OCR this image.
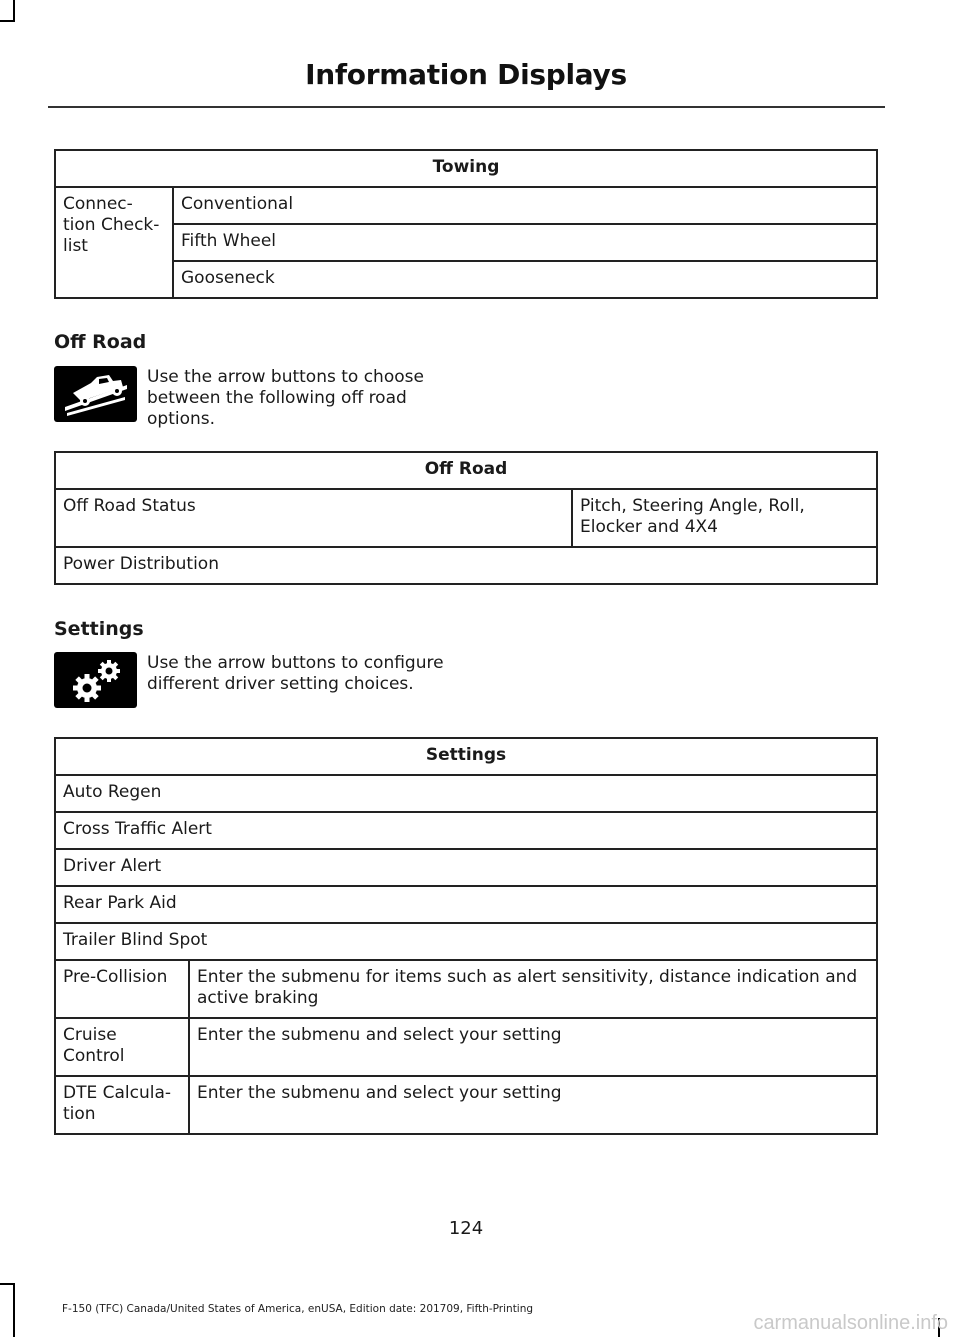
Information Displays
Towing
Connec-tion Check-list	Conventional
Fifth Wheel
Gooseneck
Off Road
Use the arrow buttons to choose between the following off road options.
Off Road
Off Road Status	Pitch, Steering Angle, Roll, Elocker and 4X4
Power Distribution
Settings
Use the arrow buttons to configure different driver setting choices.
Settings	
Auto Regen	
Cross Traffic Alert	
Driver Alert	
Rear Park Aid	
Trailer Blind Spot	
Pre-Collision	Enter the submenu for items such as alert sensitivity, distance indication and active braking
Cruise Control	Enter the submenu and select your setting
DTE Calcula-tion	Enter the submenu and select your setting
124
F-150 (TFC) Canada/United States of America, enUSA, Edition date: 201709, Fifth-Printing
carmanualsonline.info
